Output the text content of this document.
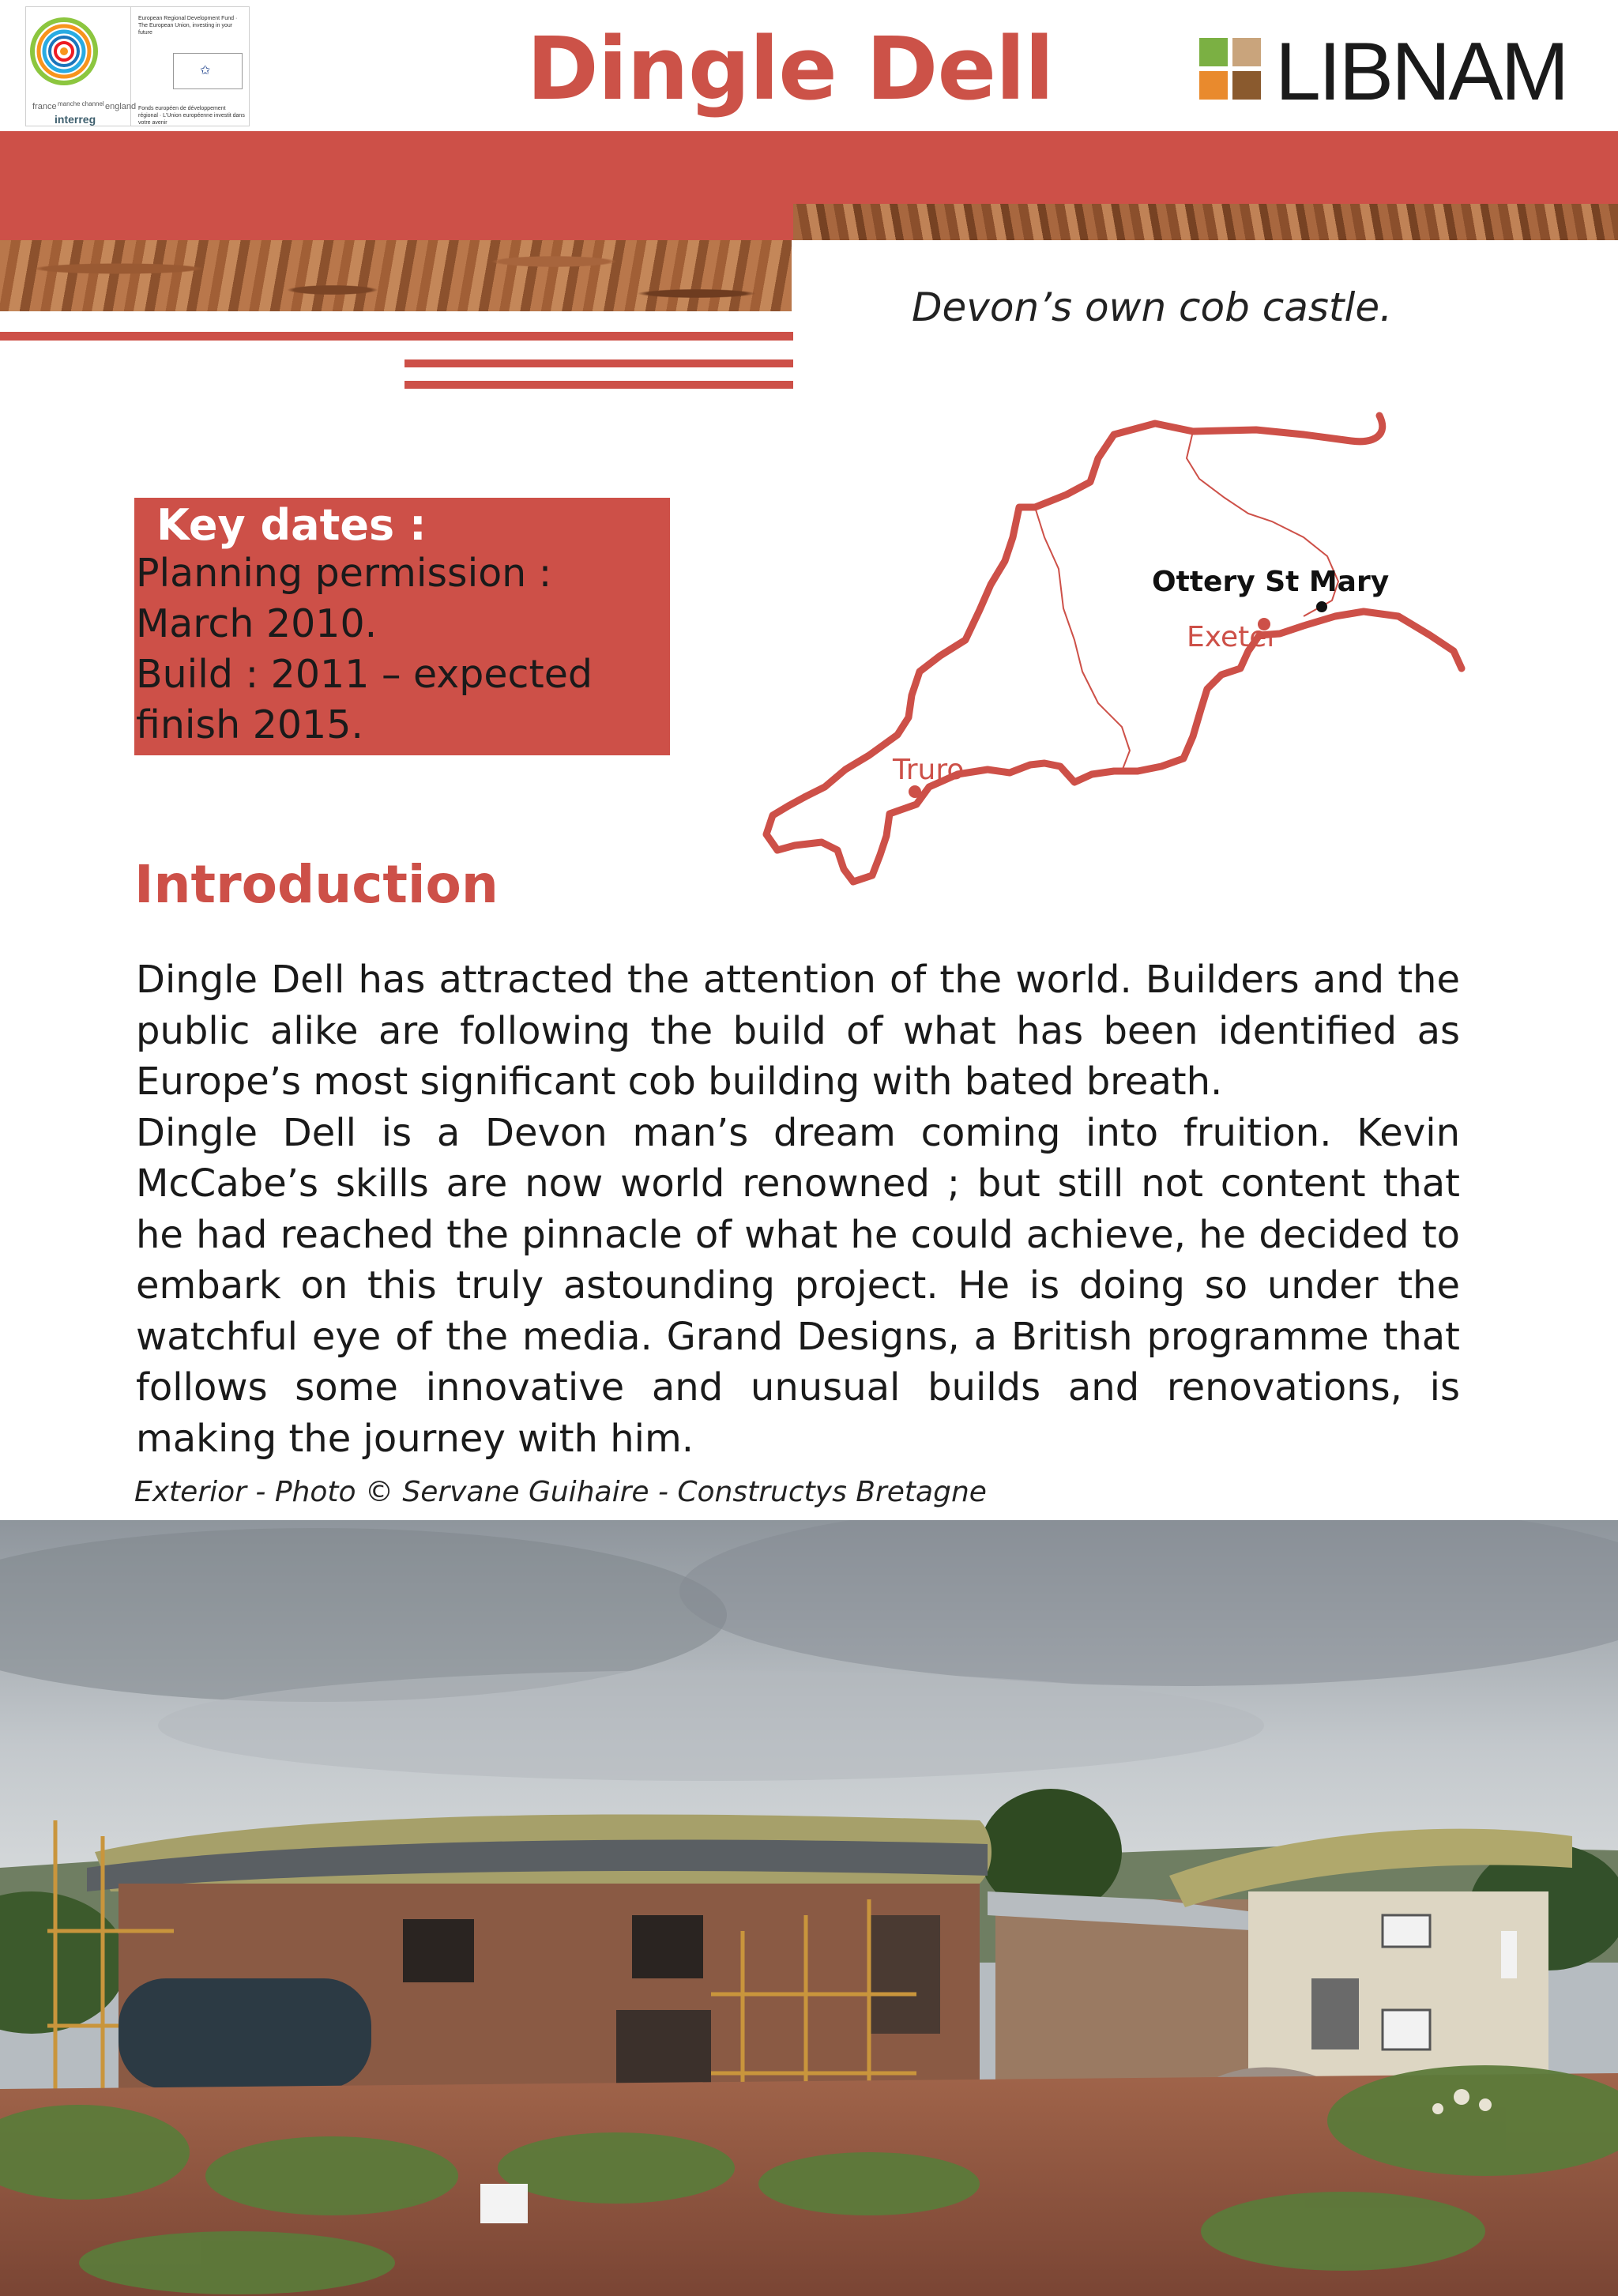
European Regional Development Fund · The European Union, investing in your future
✩
Fonds européen de développement régional · L'Union européenne investit dans votre avenir
france manche channel england
interreg	Dingle Dell	LIBNAM
Devon’s own cob castle.
Key dates :
Planning permission : March 2010.
Build : 2011 – expected finish 2015.
Ottery St Mary
Exeter
Truro
Introduction

Dingle Dell has attracted the attention of the world. Builders and the public alike are following the build of what has been identified as Europe’s most significant cob building with bated breath.

Dingle Dell is a Devon man’s dream coming into fruition. Kevin McCabe’s skills are now world renowned ; but still not content that he had reached the pinnacle of what he could achieve, he decided to embark on this truly astounding project. He is doing so under the watchful eye of the media. Grand Designs, a British programme that follows some innovative and unusual builds and renovations, is making the journey with him.

Exterior - Photo © Servane Guihaire - Constructys Bretagne
